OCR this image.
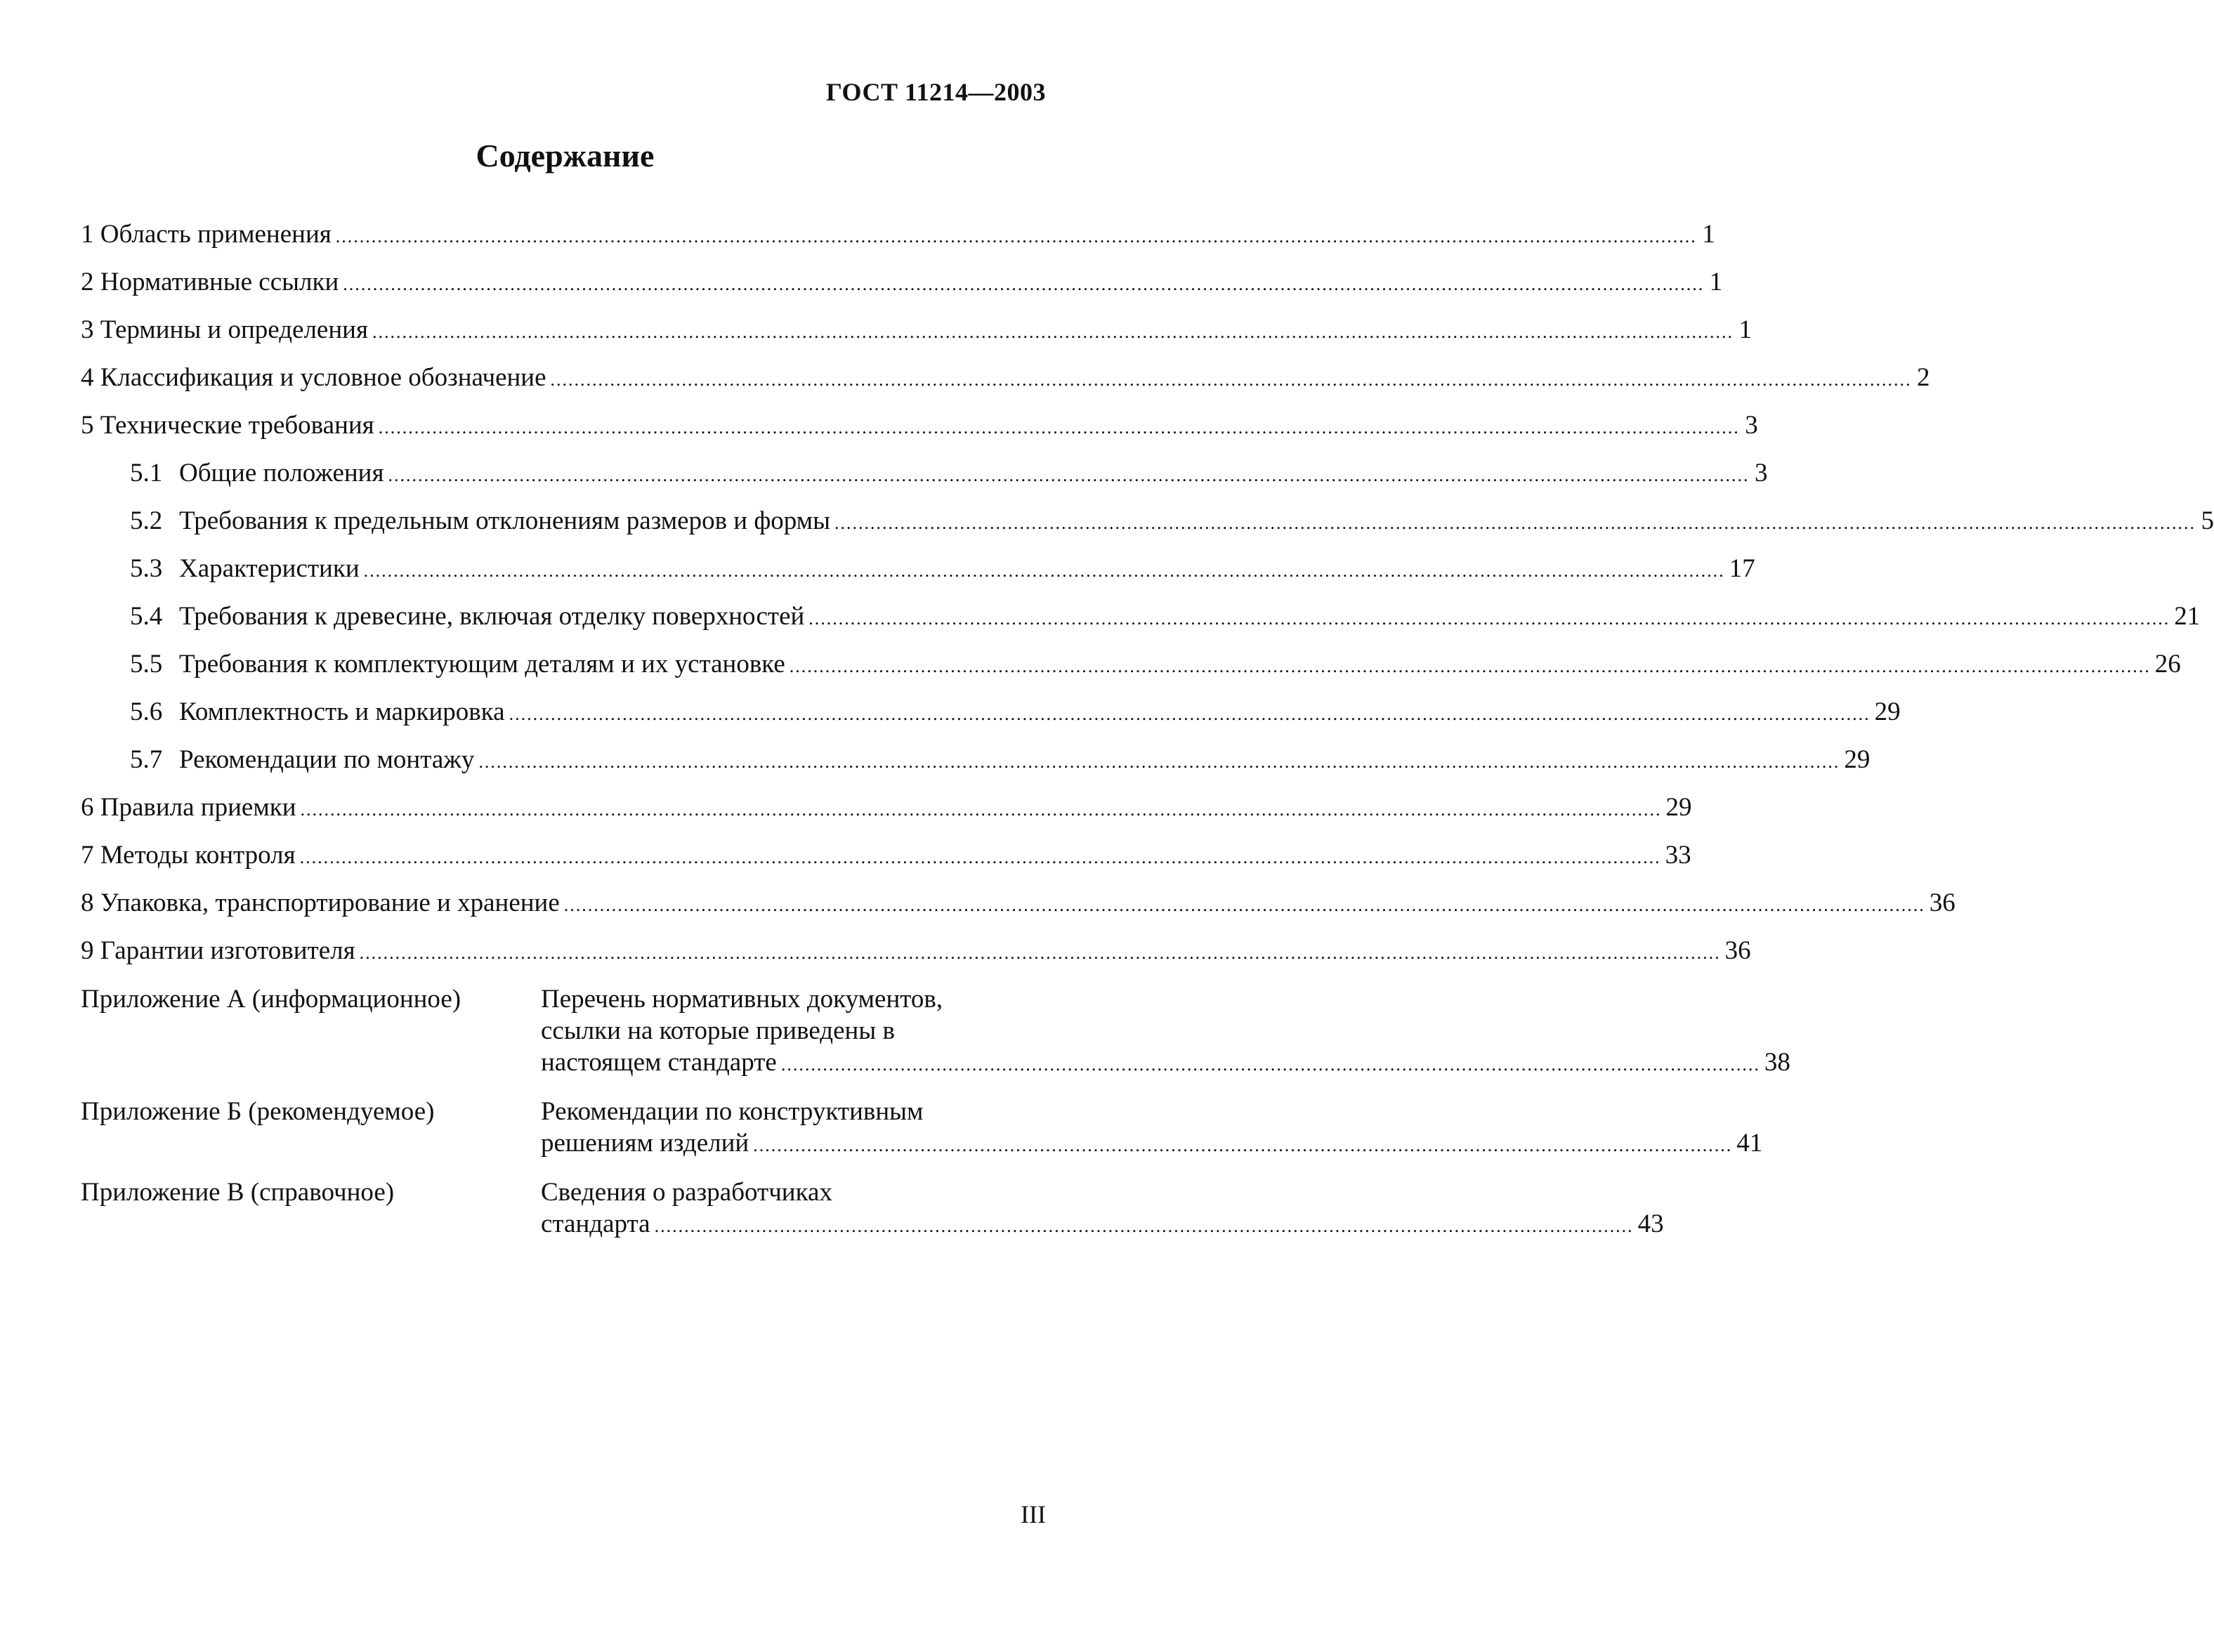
ГОСТ 11214—2003
Содержание
1 Область применения .....	1
2 Нормативные ссылки .....	1
3 Термины и определения .....	1
4 Классификация и условное обозначение .....	2
5 Технические требования .....	3
5.1 Общие положения .....	3
5.2 Требования к предельным отклонениям размеров и формы .....	5
5.3 Характеристики .....	17
5.4 Требования к древесине, включая отделку поверхностей .....	21
5.5 Требования к комплектующим деталям и их установке .....	26
5.6 Комплектность и маркировка .....	29
5.7 Рекомендации по монтажу .....	29
6 Правила приемки .....	29
7 Методы контроля .....	33
8 Упаковка, транспортирование и хранение .....	36
9 Гарантии изготовителя .....	36
Приложение А (информационное)	Перечень нормативных документов,
ссылки на которые приведены в
настоящем стандарте .....	38
Приложение Б (рекомендуемое)	Рекомендации по конструктивным
решениям изделий .....	41
Приложение В (справочное)	Сведения о разработчиках
стандарта .....	43
III
